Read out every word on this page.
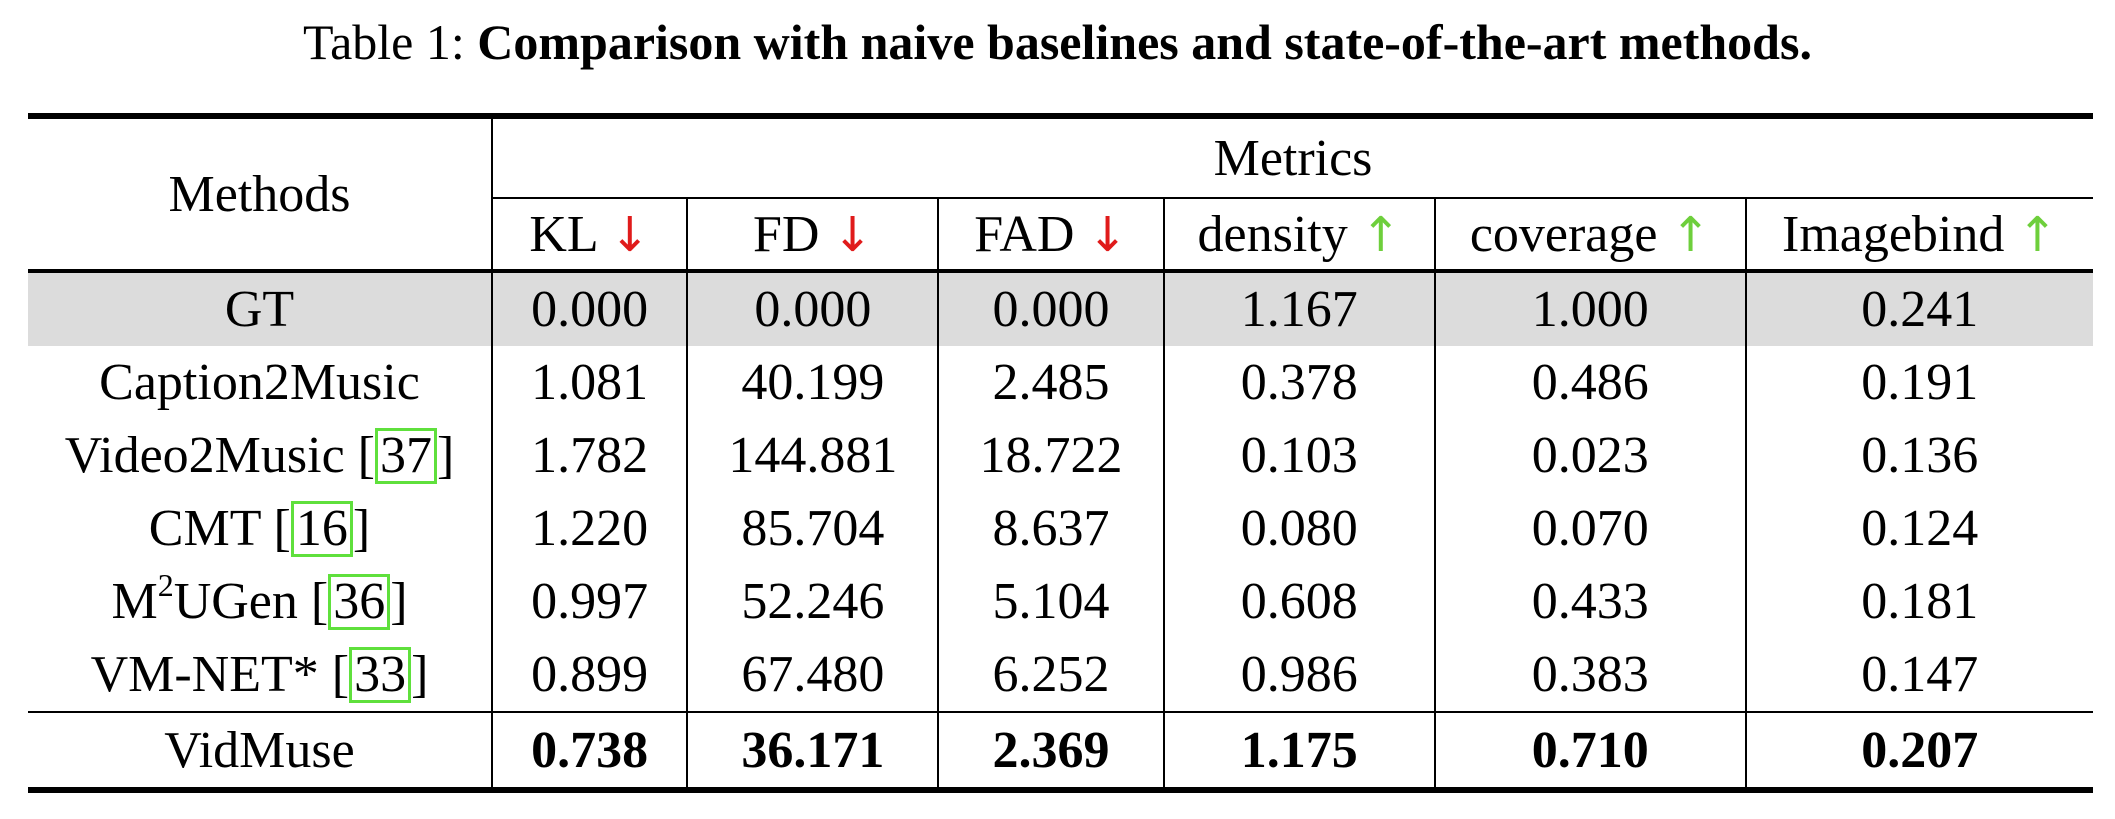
Table 1: Comparison with naive baselines and state-of-the-art methods.
Methods	Metrics					
	KL ↓	FD ↓	FAD ↓	density ↑	coverage ↑	Imagebind ↑
GT	0.000	0.000	0.000	1.167	1.000	0.241
Caption2Music	1.081	40.199	2.485	0.378	0.486	0.191
Video2Music [37]	1.782	144.881	18.722	0.103	0.023	0.136
CMT [16]	1.220	85.704	8.637	0.080	0.070	0.124
$M^2UGen$ [36]	0.997	52.246	5.104	0.608	0.433	0.181
VM-NET* [33]	0.899	67.480	6.252	0.986	0.383	0.147
VidMuse	0.738	36.171	2.369	1.175	0.710	0.207
